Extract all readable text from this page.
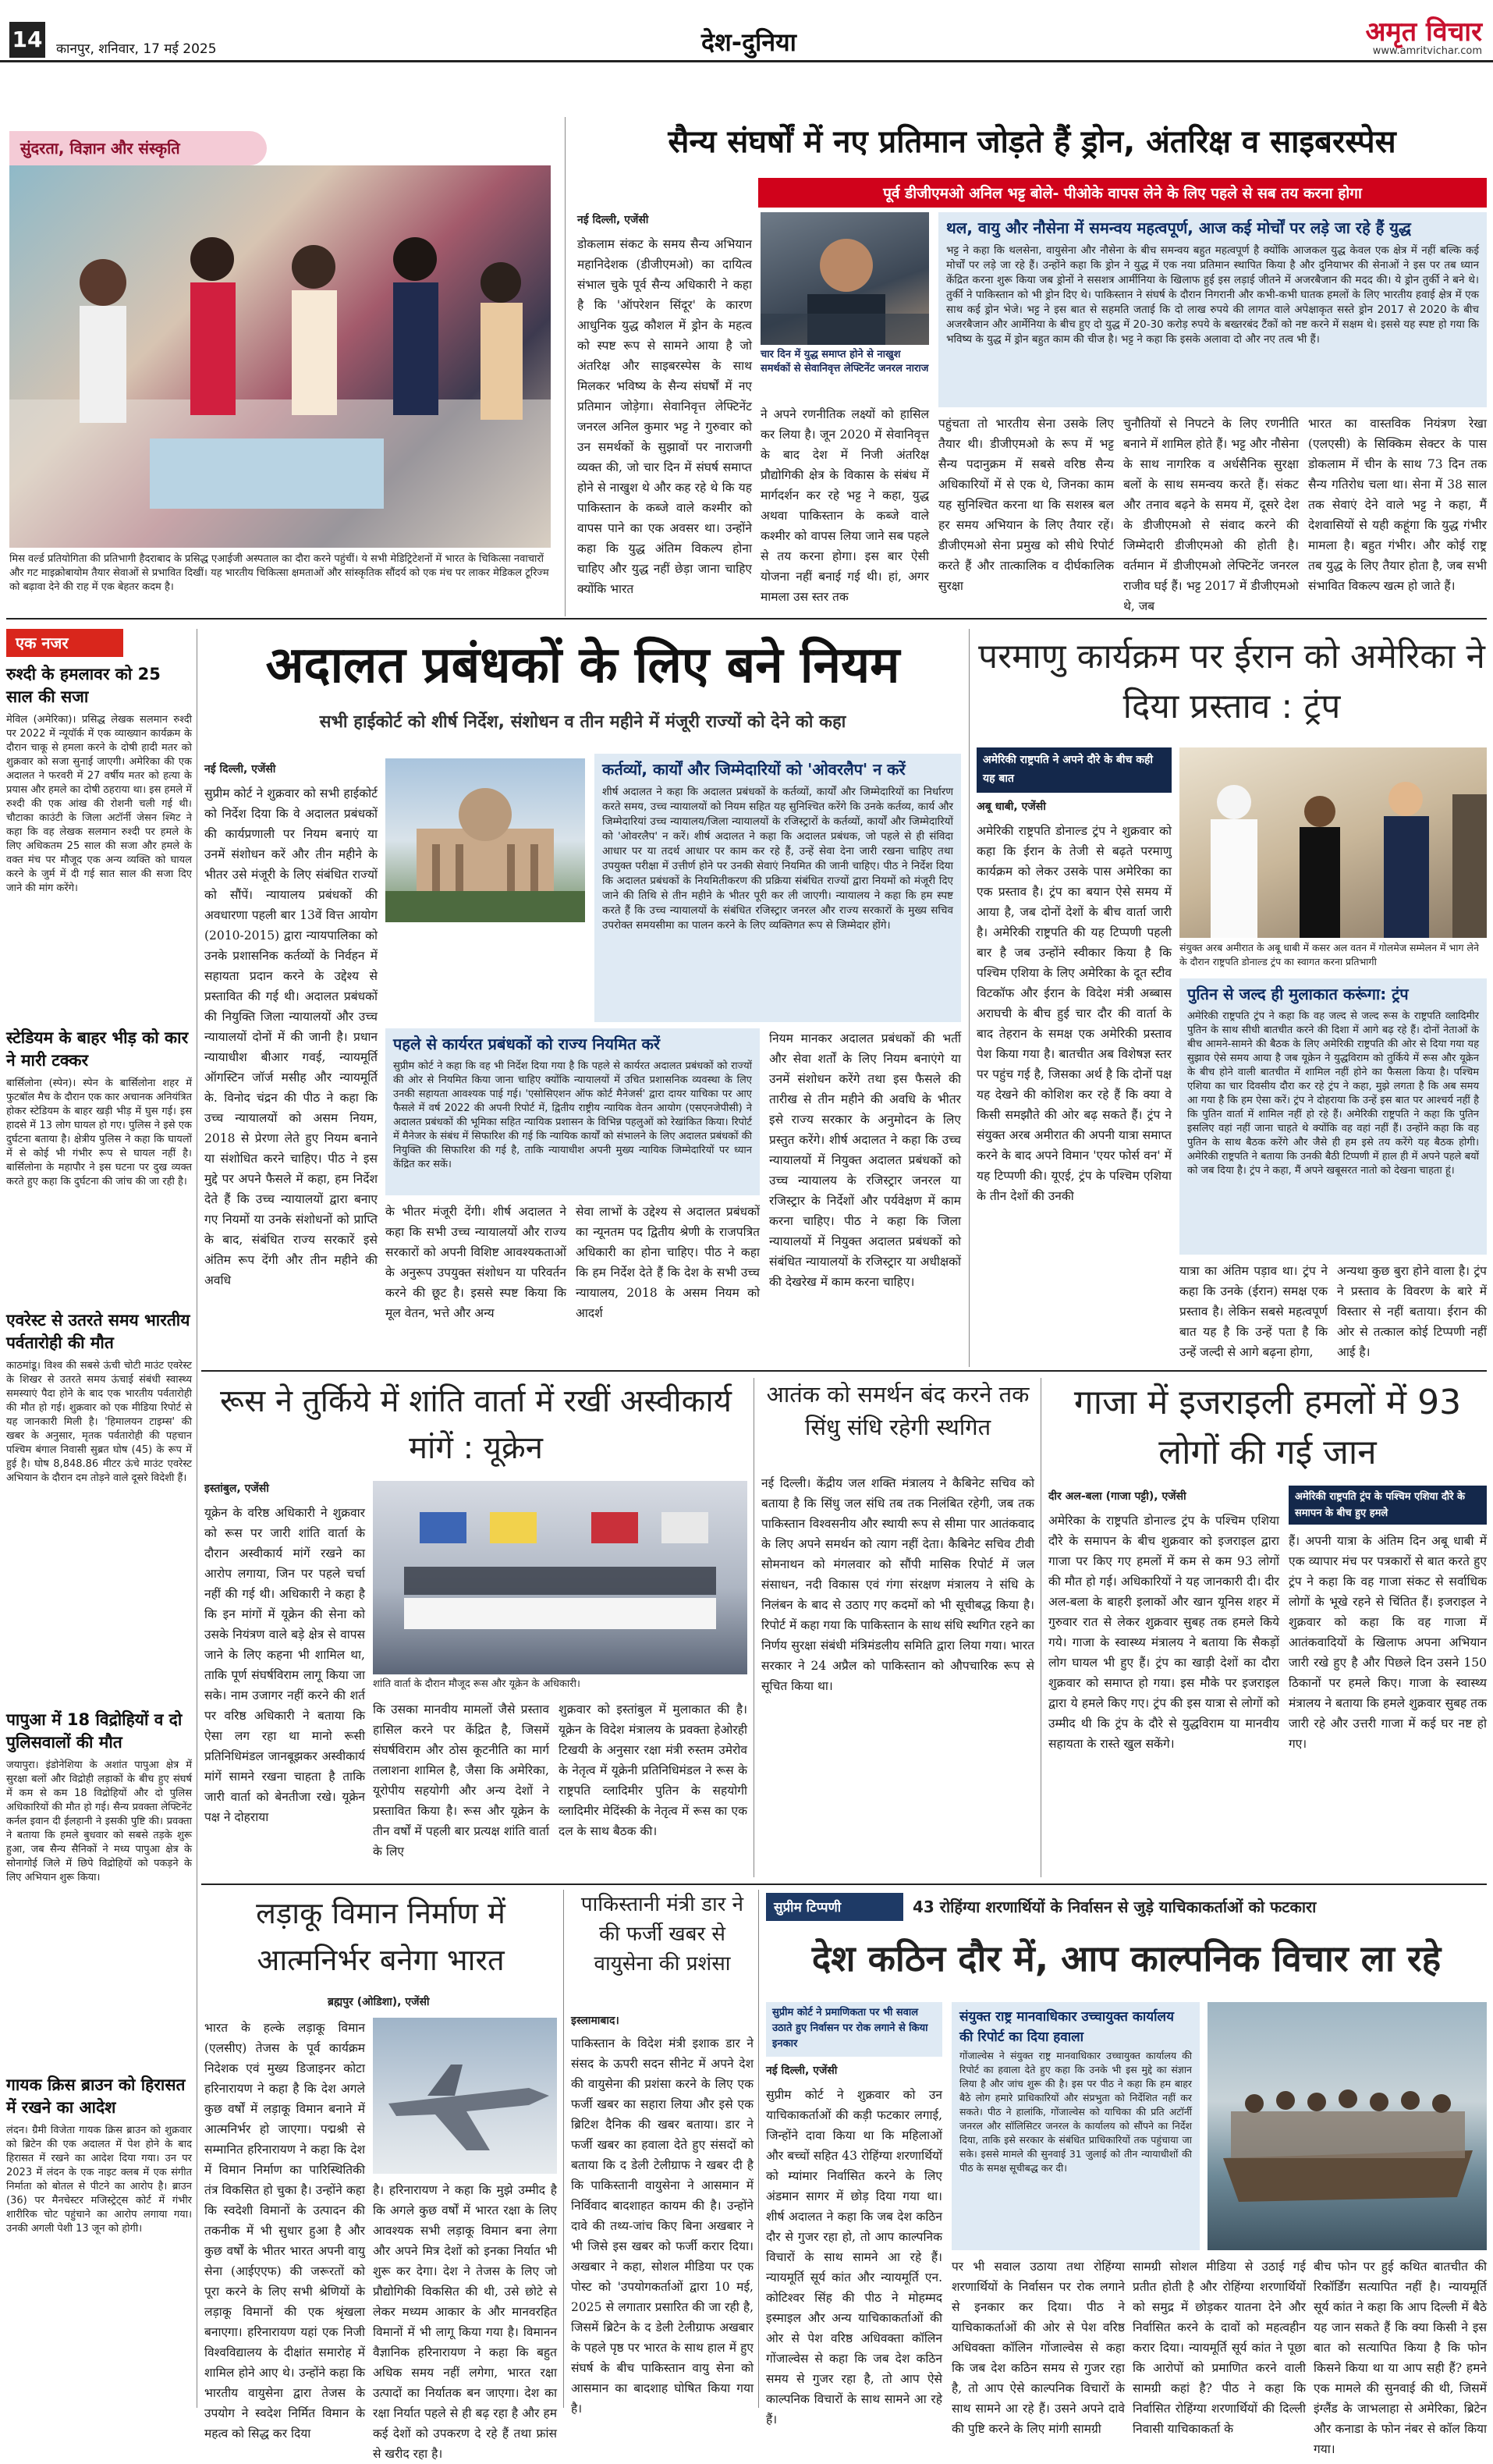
14 कानपुर, शनिवार, 17 मई 2025	देश-दुनिया	अमृत विचार
www.amritvichar.com
सुंदरता, विज्ञान और संस्कृति
मिस वर्ल्ड प्रतियोगिता की प्रतिभागी हैदराबाद के प्रसिद्ध एआईजी अस्पताल का दौरा करने पहुंचीं। ये सभी मेडिट्रिटेशनों में भारत के चिकित्सा नवाचारों और गट माइक्रोबायोम तैयार सेवाओं से प्रभावित दिखीं। यह भारतीय चिकित्सा क्षमताओं और सांस्कृतिक सौंदर्य को एक मंच पर लाकर मेडिकल टूरिज्म को बढ़ावा देने की राह में एक बेहतर कदम है।
सैन्य संघर्षों में नए प्रतिमान जोड़ते हैं ड्रोन, अंतरिक्ष व साइबरस्पेस
पूर्व डीजीएमओ अनिल भट्ट बोले- पीओके वापस लेने के लिए पहले से सब तय करना होगा
नई दिल्ली, एजेंसी
डोकलाम संकट के समय सैन्य अभियान महानिदेशक (डीजीएमओ) का दायित्व संभाल चुके पूर्व सैन्य अधिकारी ने कहा है कि 'ऑपरेशन सिंदूर' के कारण आधुनिक युद्ध कौशल में ड्रोन के महत्व को स्पष्ट रूप से सामने आया है जो अंतरिक्ष और साइबरस्पेस के साथ मिलकर भविष्य के सैन्य संघर्षों में नए प्रतिमान जोड़ेगा। सेवानिवृत्त लेफ्टिनेंट जनरल अनिल कुमार भट्ट ने गुरुवार को उन समर्थकों के सुझावों पर नाराजगी व्यक्त की, जो चार दिन में संघर्ष समाप्त होने से नाखुश थे और कह रहे थे कि यह पाकिस्तान के कब्जे वाले कश्मीर को वापस पाने का एक अवसर था। उन्होंने कहा कि युद्ध अंतिम विकल्प होना चाहिए और युद्ध नहीं छेड़ा जाना चाहिए क्योंकि भारत
चार दिन में युद्ध समाप्त होने से नाखुश समर्थकों से सेवानिवृत्त लेफ्टिनेंट जनरल नाराज
ने अपने रणनीतिक लक्ष्यों को हासिल कर लिया है। जून 2020 में सेवानिवृत्त के बाद देश में निजी अंतरिक्ष प्रौद्योगिकी क्षेत्र के विकास के संबंध में मार्गदर्शन कर रहे भट्ट ने कहा, युद्ध अथवा पाकिस्तान के कब्जे वाले कश्मीर को वापस लिया जाने सब पहले से तय करना होगा। इस बार ऐसी योजना नहीं बनाई गई थी। हां, अगर मामला उस स्तर तक
थल, वायु और नौसेना में समन्वय महत्वपूर्ण, आज कई मोर्चों पर लड़े जा रहे हैं युद्ध
भट्ट ने कहा कि थलसेना, वायुसेना और नौसेना के बीच समन्वय बहुत महत्वपूर्ण है क्योंकि आजकल युद्ध केवल एक क्षेत्र में नहीं बल्कि कई मोर्चों पर लड़े जा रहे हैं। उन्होंने कहा कि ड्रोन ने युद्ध में एक नया प्रतिमान स्थापित किया है और दुनियाभर की सेनाओं ने इस पर तब ध्यान केंद्रित करना शुरू किया जब ड्रोनों ने ससशत्र आर्मीनिया के खिलाफ हुई इस लड़ाई जीतने में अजरबैजान की मदद की। ये ड्रोन तुर्की ने बने थे। तुर्की ने पाकिस्तान को भी ड्रोन दिए थे। पाकिस्तान ने संघर्ष के दौरान निगरानी और कभी-कभी घातक हमलों के लिए भारतीय हवाई क्षेत्र में एक साथ कई ड्रोन भेजे। भट्ट ने इस बात से सहमति जताई कि दो लाख रुपये की लागत वाले अपेक्षाकृत सस्ते ड्रोन 2017 से 2020 के बीच अजरबैजान और आर्मेनिया के बीच हुए दो युद्ध में 20-30 करोड़ रुपये के बख्तरबंद टैंकों को नष्ट करने में सक्षम थे। इससे यह स्पष्ट हो गया कि भविष्य के युद्ध में ड्रोन बहुत काम की चीज है। भट्ट ने कहा कि इसके अलावा दो और नए तत्व भी हैं।
पहुंचता तो भारतीय सेना उसके लिए तैयार थी। डीजीएमओ के रूप में भट्ट सैन्य पदानुक्रम में सबसे वरिष्ठ सैन्य अधिकारियों में से एक थे, जिनका काम यह सुनिश्चित करना था कि सशस्त्र बल हर समय अभियान के लिए तैयार रहें। डीजीएमओ सेना प्रमुख को सीधे रिपोर्ट करते हैं और तात्कालिक व दीर्घकालिक सुरक्षा
चुनौतियों से निपटने के लिए रणनीति बनाने में शामिल होते हैं। भट्ट और नौसेना के साथ नागरिक व अर्धसैनिक सुरक्षा बलों के साथ समन्वय करते हैं। संकट और तनाव बढ़ने के समय में, दूसरे देश के डीजीएमओ से संवाद करने की जिम्मेदारी डीजीएमओ की होती है। वर्तमान में डीजीएमओ लेफ्टिनेंट जनरल राजीव घई हैं। भट्ट 2017 में डीजीएमओ थे, जब
भारत का वास्तविक नियंत्रण रेखा (एलएसी) के सिक्किम सेक्टर के पास डोकलाम में चीन के साथ 73 दिन तक सैन्य गतिरोध चला था। सेना में 38 साल तक सेवाएं देने वाले भट्ट ने कहा, मैं देशवासियों से यही कहूंगा कि युद्ध गंभीर मामला है। बहुत गंभीर। और कोई राष्ट्र तब युद्ध के लिए तैयार होता है, जब सभी संभावित विकल्प खत्म हो जाते हैं।
एक नजर
रुश्दी के हमलावर को 25 साल की सजा
मेविल (अमेरिका)। प्रसिद्ध लेखक सलमान रुश्दी पर 2022 में न्यूयॉर्क में एक व्याख्यान कार्यक्रम के दौरान चाकू से हमला करने के दोषी हादी मतर को शुक्रवार को सजा सुनाई जाएगी। अमेरिका की एक अदालत ने फरवरी में 27 वर्षीय मतर को हत्या के प्रयास और हमले का दोषी ठहराया था। इस हमले में रुश्दी की एक आंख की रोशनी चली गई थी। चौटाका काउंटी के जिला अटॉर्नी जेसन श्मिट ने कहा कि वह लेखक सलमान रुश्दी पर हमले के लिए अधिकतम 25 साल की सजा और हमले के वक्त मंच पर मौजूद एक अन्य व्यक्ति को घायल करने के जुर्म में दी गई सात साल की सजा दिए जाने की मांग करेंगे।
स्टेडियम के बाहर भीड़ को कार ने मारी टक्कर
बार्सिलोना (स्पेन)। स्पेन के बार्सिलोना शहर में फुटबॉल मैच के दौरान एक कार अचानक अनियंत्रित होकर स्टेडियम के बाहर खड़ी भीड़ में घुस गई। इस हादसे में 13 लोग घायल हो गए। पुलिस ने इसे एक दुर्घटना बताया है। क्षेत्रीय पुलिस ने कहा कि घायलों में से कोई भी गंभीर रूप से घायल नहीं है। बार्सिलोना के महापौर ने इस घटना पर दुख व्यक्त करते हुए कहा कि दुर्घटना की जांच की जा रही है।
एवरेस्ट से उतरते समय भारतीय पर्वतारोही की मौत
काठमांडू। विश्व की सबसे ऊंची चोटी माउंट एवरेस्ट के शिखर से उतरते समय ऊंचाई संबंधी स्वास्थ्य समस्याएं पैदा होने के बाद एक भारतीय पर्वतारोही की मौत हो गई। शुक्रवार को एक मीडिया रिपोर्ट से यह जानकारी मिली है। 'हिमालयन टाइम्स' की खबर के अनुसार, मृतक पर्वतारोही की पहचान पश्चिम बंगाल निवासी सुब्रत घोष (45) के रूप में हुई है। घोष 8,848.86 मीटर ऊंचे माउंट एवरेस्ट अभियान के दौरान दम तोड़ने वाले दूसरे विदेशी हैं।
पापुआ में 18 विद्रोहियों व दो पुलिसवालों की मौत
जयापुरा। इंडोनेशिया के अशांत पापुआ क्षेत्र में सुरक्षा बलों और विद्रोही लड़ाकों के बीच हुए संघर्ष में कम से कम 18 विद्रोहियों और दो पुलिस अधिकारियों की मौत हो गई। सैन्य प्रवक्ता लेफ्टिनेंट कर्नल इवान दी ईलहानी ने इसकी पुष्टि की। प्रवक्ता ने बताया कि हमले बुधवार को सबसे तड़के शुरू हुआ, जब सैन्य सैनिकों ने मध्य पापुआ क्षेत्र के सोनागोई जिले में छिपे विद्रोहियों को पकड़ने के लिए अभियान शुरू किया।
गायक क्रिस ब्राउन को हिरासत में रखने का आदेश
लंदन। ग्रैमी विजेता गायक क्रिस ब्राउन को शुक्रवार को ब्रिटेन की एक अदालत में पेश होने के बाद हिरासत में रखने का आदेश दिया गया। उन पर 2023 में लंदन के एक नाइट क्लब में एक संगीत निर्माता को बोतल से पीटने का आरोप है। ब्राउन (36) पर मैनचेस्टर मजिस्ट्रेट्स कोर्ट में गंभीर शारीरिक चोट पहुंचाने का आरोप लगाया गया। उनकी अगली पेशी 13 जून को होगी।
अदालत प्रबंधकों के लिए बने नियम
सभी हाईकोर्ट को शीर्ष निर्देश, संशोधन व तीन महीने में मंजूरी राज्यों को देने को कहा
नई दिल्ली, एजेंसी
सुप्रीम कोर्ट ने शुक्रवार को सभी हाईकोर्ट को निर्देश दिया कि वे अदालत प्रबंधकों की कार्यप्रणाली पर नियम बनाएं या उनमें संशोधन करें और तीन महीने के भीतर उसे मंजूरी के लिए संबंधित राज्यों को सौंपें। न्यायालय प्रबंधकों की अवधारणा पहली बार 13वें वित्त आयोग (2010-2015) द्वारा न्यायपालिका को उनके प्रशासनिक कर्तव्यों के निर्वहन में सहायता प्रदान करने के उद्देश्य से प्रस्तावित की गई थी। अदालत प्रबंधकों की नियुक्ति जिला न्यायालयों और उच्च न्यायालयों दोनों में की जानी है। प्रधान न्यायाधीश बीआर गवई, न्यायमूर्ति ऑगस्टिन जॉर्ज मसीह और न्यायमूर्ति के. विनोद चंद्रन की पीठ ने कहा कि उच्च न्यायालयों को असम नियम, 2018 से प्रेरणा लेते हुए नियम बनाने या संशोधित करने चाहिए। पीठ ने इस मुद्दे पर अपने फैसले में कहा, हम निर्देश देते हैं कि उच्च न्यायालयों द्वारा बनाए गए नियमों या उनके संशोधनों को प्राप्ति के बाद, संबंधित राज्य सरकारें इसे अंतिम रूप देंगी और तीन महीने की अवधि
कर्तव्यों, कार्यों और जिम्मेदारियों को 'ओवरलैप' न करें
शीर्ष अदालत ने कहा कि अदालत प्रबंधकों के कर्तव्यों, कार्यों और जिम्मेदारियों का निर्धारण करते समय, उच्च न्यायालयों को नियम सहित यह सुनिश्चित करेंगे कि उनके कर्तव्य, कार्य और जिम्मेदारियां उच्च न्यायालय/जिला न्यायालयों के रजिस्ट्रारों के कर्तव्यों, कार्यों और जिम्मेदारियों को 'ओवरलैप' न करें। शीर्ष अदालत ने कहा कि अदालत प्रबंधक, जो पहले से ही संविदा आधार पर या तदर्थ आधार पर काम कर रहे हैं, उन्हें सेवा देना जारी रखना चाहिए तथा उपयुक्त परीक्षा में उत्तीर्ण होने पर उनकी सेवाएं नियमित की जानी चाहिए। पीठ ने निर्देश दिया कि अदालत प्रबंधकों के नियमितीकरण की प्रक्रिया संबंधित राज्यों द्वारा नियमों को मंजूरी दिए जाने की तिथि से तीन महीने के भीतर पूरी कर ली जाएगी। न्यायालय ने कहा कि हम स्पष्ट करते हैं कि उच्च न्यायालयों के संबंधित रजिस्ट्रार जनरल और राज्य सरकारों के मुख्य सचिव उपरोक्त समयसीमा का पालन करने के लिए व्यक्तिगत रूप से जिम्मेदार होंगे।
पहले से कार्यरत प्रबंधकों को राज्य नियमित करें
सुप्रीम कोर्ट ने कहा कि वह भी निर्देश दिया गया है कि पहले से कार्यरत अदालत प्रबंधकों को राज्यों की ओर से नियमित किया जाना चाहिए क्योंकि न्यायालयों में उचित प्रशासनिक व्यवस्था के लिए उनकी सहायता आवश्यक पाई गई। 'एसोसिएशन ऑफ कोर्ट मैनेजर्स' द्वारा दायर याचिका पर आए फैसले में वर्ष 2022 की अपनी रिपोर्ट में, द्वितीय राष्ट्रीय न्यायिक वेतन आयोग (एसएनजेपीसी) ने अदालत प्रबंधकों की भूमिका सहित न्यायिक प्रशासन के विभिन्न पहलुओं को रेखांकित किया। रिपोर्ट में मैनेजर के संबंध में सिफारिश की गई कि न्यायिक कार्यों को संभालने के लिए अदालत प्रबंधकों की नियुक्ति की सिफारिश की गई है, ताकि न्यायाधीश अपनी मुख्य न्यायिक जिम्मेदारियों पर ध्यान केंद्रित कर सकें।
के भीतर मंजूरी देंगी। शीर्ष अदालत ने कहा कि सभी उच्च न्यायालयों और राज्य सरकारों को अपनी विशिष्ट आवश्यकताओं के अनुरूप उपयुक्त संशोधन या परिवर्तन करने की छूट है। इससे स्पष्ट किया कि मूल वेतन, भत्ते और अन्य
सेवा लाभों के उद्देश्य से अदालत प्रबंधकों का न्यूनतम पद द्वितीय श्रेणी के राजपत्रित अधिकारी का होना चाहिए। पीठ ने कहा कि हम निर्देश देते हैं कि देश के सभी उच्च न्यायालय, 2018 के असम नियम को आदर्श
नियम मानकर अदालत प्रबंधकों की भर्ती और सेवा शर्तों के लिए नियम बनाएंगे या उनमें संशोधन करेंगे तथा इस फैसले की तारीख से तीन महीने की अवधि के भीतर इसे राज्य सरकार के अनुमोदन के लिए प्रस्तुत करेंगे। शीर्ष अदालत ने कहा कि उच्च न्यायालयों में नियुक्त अदालत प्रबंधकों को उच्च न्यायालय के रजिस्ट्रार जनरल या रजिस्ट्रार के निर्देशों और पर्यवेक्षण में काम करना चाहिए। पीठ ने कहा कि जिला न्यायालयों में नियुक्त अदालत प्रबंधकों को संबंधित न्यायालयों के रजिस्ट्रार या अधीक्षकों की देखरेख में काम करना चाहिए।
परमाणु कार्यक्रम पर ईरान को अमेरिका ने दिया प्रस्ताव : ट्रंप
अमेरिकी राष्ट्रपति ने अपने दौरे के बीच कही यह बात
अबू धाबी, एजेंसी
संयुक्त अरब अमीरात के अबू धाबी में कसर अल वतन में गोलमेज सम्मेलन में भाग लेने के दौरान राष्ट्रपति डोनाल्ड ट्रंप का स्वागत करना प्रतिभागी
अमेरिकी राष्ट्रपति डोनाल्ड ट्रंप ने शुक्रवार को कहा कि ईरान के तेजी से बढ़ते परमाणु कार्यक्रम को लेकर उसके पास अमेरिका का एक प्रस्ताव है। ट्रंप का बयान ऐसे समय में आया है, जब दोनों देशों के बीच वार्ता जारी है। अमेरिकी राष्ट्रपति की यह टिप्पणी पहली बार है जब उन्होंने स्वीकार किया है कि पश्चिम एशिया के लिए अमेरिका के दूत स्टीव विटकॉफ और ईरान के विदेश मंत्री अब्बास अराघची के बीच हुई चार दौर की वार्ता के बाद तेहरान के समक्ष एक अमेरिकी प्रस्ताव पेश किया गया है। बातचीत अब विशेषज्ञ स्तर पर पहुंच गई है, जिसका अर्थ है कि दोनों पक्ष यह देखने की कोशिश कर रहे हैं कि क्या वे किसी समझौते की ओर बढ़ सकते हैं। ट्रंप ने संयुक्त अरब अमीरात की अपनी यात्रा समाप्त करने के बाद अपने विमान 'एयर फोर्स वन' में यह टिप्पणी की। यूएई, ट्रंप के पश्चिम एशिया के तीन देशों की उनकी
पुतिन से जल्द ही मुलाकात करूंगा: ट्रंप
अमेरिकी राष्ट्रपति ट्रंप ने कहा कि वह जल्द से जल्द रूस के राष्ट्रपति व्लादिमीर पुतिन के साथ सीधी बातचीत करने की दिशा में आगे बढ़ रहे हैं। दोनों नेताओं के बीच आमने-सामने की बैठक के लिए अमेरिकी राष्ट्रपति की ओर से दिया गया यह सुझाव ऐसे समय आया है जब यूक्रेन ने युद्धविराम को तुर्किये में रूस और यूक्रेन के बीच होने वाली बातचीत में शामिल नहीं होने का फैसला किया है। पश्चिम एशिया का चार दिवसीय दौरा कर रहे ट्रंप ने कहा, मुझे लगता है कि अब समय आ गया है कि हम ऐसा करें। ट्रंप ने दोहराया कि उन्हें इस बात पर आश्चर्य नहीं है कि पुतिन वार्ता में शामिल नहीं हो रहे हैं। अमेरिकी राष्ट्रपति ने कहा कि पुतिन इसलिए वहां नहीं जाना चाहते थे क्योंकि वह वहां नहीं हैं। उन्होंने कहा कि वह पुतिन के साथ बैठक करेंगे और जैसे ही हम इसे तय करेंगे यह बैठक होगी। अमेरिकी राष्ट्रपति ने बताया कि उनकी बैठी टिप्पणी में हाल ही में अपने पहले बयों को जब दिया है। ट्रंप ने कहा, मैं अपने खबूसरत नातो को देखना चाहता हूं।
यात्रा का अंतिम पड़ाव था। ट्रंप ने कहा कि उनके (ईरान) समक्ष एक प्रस्ताव है। लेकिन सबसे महत्वपूर्ण बात यह है कि उन्हें पता है कि उन्हें जल्दी से आगे बढ़ना होगा,
अन्यथा कुछ बुरा होने वाला है। ट्रंप ने प्रस्ताव के विवरण के बारे में विस्तार से नहीं बताया। ईरान की ओर से तत्काल कोई टिप्पणी नहीं आई है।
रूस ने तुर्किये में शांति वार्ता में रखीं अस्वीकार्य मांगें : यूक्रेन
इस्तांबुल, एजेंसी
यूक्रेन के वरिष्ठ अधिकारी ने शुक्रवार को रूस पर जारी शांति वार्ता के दौरान अस्वीकार्य मांगें रखने का आरोप लगाया, जिन पर पहले चर्चा नहीं की गई थी। अधिकारी ने कहा है कि इन मांगों में यूक्रेन की सेना को उसके नियंत्रण वाले बड़े क्षेत्र से वापस जाने के लिए कहना भी शामिल था, ताकि पूर्ण संघर्षविराम लागू किया जा सके। नाम उजागर नहीं करने की शर्त पर वरिष्ठ अधिकारी ने बताया कि ऐसा लग रहा था मानो रूसी प्रतिनिधिमंडल जानबूझकर अस्वीकार्य मांगें सामने रखना चाहता है ताकि जारी वार्ता को बेनतीजा रखे। यूक्रेन पक्ष ने दोहराया
शांति वार्ता के दौरान मौजूद रूस और यूक्रेन के अधिकारी।
कि उसका मानवीय मामलों जैसे प्रस्ताव हासिल करने पर केंद्रित है, जिसमें संघर्षविराम और ठोस कूटनीति का मार्ग तलाशना शामिल है, जैसा कि अमेरिका, यूरोपीय सहयोगी और अन्य देशों ने प्रस्तावित किया है। रूस और यूक्रेन के तीन वर्षों में पहली बार प्रत्यक्ष शांति वार्ता के लिए
शुक्रवार को इस्तांबुल में मुलाकात की है। यूक्रेन के विदेश मंत्रालय के प्रवक्ता हेओरही टिखयी के अनुसार रक्षा मंत्री रुस्तम उमेरोव के नेतृत्व में यूक्रेनी प्रतिनिधिमंडल ने रूस के राष्ट्रपति व्लादिमीर पुतिन के सहयोगी व्लादिमीर मेदिंस्की के नेतृत्व में रूस का एक दल के साथ बैठक की।
आतंक को समर्थन बंद करने तक सिंधु संधि रहेगी स्थगित
नई दिल्ली। केंद्रीय जल शक्ति मंत्रालय ने कैबिनेट सचिव को बताया है कि सिंधु जल संधि तब तक निलंबित रहेगी, जब तक पाकिस्तान विश्वसनीय और स्थायी रूप से सीमा पार आतंकवाद के लिए अपने समर्थन को त्याग नहीं देता। कैबिनेट सचिव टीवी सोमनाथन को मंगलवार को सौंपी मासिक रिपोर्ट में जल संसाधन, नदी विकास एवं गंगा संरक्षण मंत्रालय ने संधि के निलंबन के बाद से उठाए गए कदमों को भी सूचीबद्ध किया है। रिपोर्ट में कहा गया कि पाकिस्तान के साथ संधि स्थगित रहने का निर्णय सुरक्षा संबंधी मंत्रिमंडलीय समिति द्वारा लिया गया। भारत सरकार ने 24 अप्रैल को पाकिस्तान को औपचारिक रूप से सूचित किया था।
गाजा में इजराइली हमलों में 93 लोगों की गई जान
दीर अल-बला (गाजा पट्टी), एजेंसी	अमेरिकी राष्ट्रपति ट्रंप के पश्चिम एशिया दौरे के समापन के बीच हुए हमले
अमेरिका के राष्ट्रपति डोनाल्ड ट्रंप के पश्चिम एशिया दौरे के समापन के बीच शुक्रवार को इजराइल द्वारा गाजा पर किए गए हमलों में कम से कम 93 लोगों की मौत हो गई। अधिकारियों ने यह जानकारी दी। दीर अल-बला के बाहरी इलाकों और खान यूनिस शहर में गुरुवार रात से लेकर शुक्रवार सुबह तक हमले किये गये। गाजा के स्वास्थ्य मंत्रालय ने बताया कि सैकड़ों लोग घायल भी हुए हैं। ट्रंप का खाड़ी देशों का दौरा शुक्रवार को समाप्त हो गया। इस मौके पर इजराइल द्वारा ये हमले किए गए। ट्रंप की इस यात्रा से लोगों को उम्मीद थी कि ट्रंप के दौरे से युद्धविराम या मानवीय सहायता के रास्ते खुल सकेंगे।
हैं। अपनी यात्रा के अंतिम दिन अबू धाबी में एक व्यापार मंच पर पत्रकारों से बात करते हुए ट्रंप ने कहा कि वह गाजा संकट से सर्वाधिक लोगों के भूखे रहने से चिंतित हैं। इजराइल ने शुक्रवार को कहा कि वह गाजा में आतंकवादियों के खिलाफ अपना अभियान जारी रखे हुए है और पिछले दिन उसने 150 ठिकानों पर हमले किए। गाजा के स्वास्थ्य मंत्रालय ने बताया कि हमले शुक्रवार सुबह तक जारी रहे और उत्तरी गाजा में कई घर नष्ट हो गए।
लड़ाकू विमान निर्माण में आत्मनिर्भर बनेगा भारत
ब्रह्मपुर (ओडिशा), एजेंसी
भारत के हल्के लड़ाकू विमान (एलसीए) तेजस के पूर्व कार्यक्रम निदेशक एवं मुख्य डिजाइनर कोटा हरिनारायण ने कहा है कि देश अगले कुछ वर्षों में लड़ाकू विमान बनाने में आत्मनिर्भर हो जाएगा। पद्मश्री से सम्मानित हरिनारायण ने कहा कि देश में विमान निर्माण का पारिस्थितिकी तंत्र विकसित हो चुका है। उन्होंने कहा कि स्वदेशी विमानों के उत्पादन की तकनीक में भी सुधार हुआ है और कुछ वर्षों के भीतर भारत अपनी वायु सेना (आईएएफ) की जरूरतों को पूरा करने के लिए सभी श्रेणियों के लड़ाकू विमानों की एक श्रृंखला बनाएगा। हरिनारायण यहां एक निजी विश्वविद्यालय के दीक्षांत समारोह में शामिल होने आए थे। उन्होंने कहा कि भारतीय वायुसेना द्वारा तेजस के उपयोग ने स्वदेश निर्मित विमान के महत्व को सिद्ध कर दिया
है। हरिनारायण ने कहा कि मुझे उम्मीद है कि अगले कुछ वर्षों में भारत रक्षा के लिए आवश्यक सभी लड़ाकू विमान बना लेगा और अपने मित्र देशों को इनका निर्यात भी शुरू कर देगा। देश ने तेजस के लिए जो प्रौद्योगिकी विकसित की थी, उसे छोटे से लेकर मध्यम आकार के और मानवरहित विमानों में भी लागू किया गया है। विमानन वैज्ञानिक हरिनारायण ने कहा कि बहुत अधिक समय नहीं लगेगा, भारत रक्षा उत्पादों का निर्यातक बन जाएगा। देश का रक्षा निर्यात पहले से ही बढ़ रहा है और हम कई देशों को उपकरण दे रहे हैं तथा फ्रांस से खरीद रहा है।
पाकिस्तानी मंत्री डार ने की फर्जी खबर से वायुसेना की प्रशंसा
इस्लामाबाद।
पाकिस्तान के विदेश मंत्री इशाक डार ने संसद के ऊपरी सदन सीनेट में अपने देश की वायुसेना की प्रशंसा करने के लिए एक फर्जी खबर का सहारा लिया और इसे एक ब्रिटिश दैनिक की खबर बताया। डार ने फर्जी खबर का हवाला देते हुए संसदों को बताया कि द डेली टेलीग्राफ ने खबर दी है कि पाकिस्तानी वायुसेना ने आसमान में निर्विवाद बादशाहत कायम की है। उन्होंने दावे की तथ्य-जांच किए बिना अखबार ने भी जिसे इस खबर को फर्जी करार दिया। अखबार ने कहा, सोशल मीडिया पर एक पोस्ट को 'उपयोगकर्ताओं द्वारा 10 मई, 2025 से लगातार प्रसारित की जा रही है, जिसमें ब्रिटेन के द डेली टेलीग्राफ अखबार के पहले पृष्ठ पर भारत के साथ हाल में हुए संघर्ष के बीच पाकिस्तान वायु सेना को आसमान का बादशाह घोषित किया गया है।
सुप्रीम टिप्पणी	43 रोहिंग्या शरणार्थियों के निर्वासन से जुड़े याचिकाकर्ताओं को फटकारा
देश कठिन दौर में, आप काल्पनिक विचार ला रहे
सुप्रीम कोर्ट ने प्रमाणिकता पर भी सवाल उठाते हुए निर्वासन पर रोक लगाने से किया इनकार
नई दिल्ली, एजेंसी
सुप्रीम कोर्ट ने शुक्रवार को उन याचिकाकर्ताओं की कड़ी फटकार लगाई, जिन्होंने दावा किया था कि महिलाओं और बच्चों सहित 43 रोहिंग्या शरणार्थियों को म्यांमार निर्वासित करने के लिए अंडमान सागर में छोड़ दिया गया था। शीर्ष अदालत ने कहा कि जब देश कठिन दौर से गुजर रहा हो, तो आप काल्पनिक विचारों के साथ सामने आ रहे हैं। न्यायमूर्ति सूर्य कांत और न्यायमूर्ति एन. कोटिश्वर सिंह की पीठ ने मोहम्मद इस्माइल और अन्य याचिकाकर्ताओं की ओर से पेश वरिष्ठ अधिवक्ता कॉलिन गोंजाल्वेस से कहा कि जब देश कठिन समय से गुजर रहा है, तो आप ऐसे काल्पनिक विचारों के साथ सामने आ रहे हैं।
संयुक्त राष्ट्र मानवाधिकार उच्चायुक्त कार्यालय की रिपोर्ट का दिया हवाला
गोंजाल्वेस ने संयुक्त राष्ट्र मानवाधिकार उच्चायुक्त कार्यालय की रिपोर्ट का हवाला देते हुए कहा कि उनके भी इस मुद्दे का संज्ञान लिया है और जांच शुरू की है। इस पर पीठ ने कहा कि हम बाहर बैठे लोग हमारे प्राधिकारियों और संप्रभुता को निर्देशित नहीं कर सकते। पीठ ने हालांकि, गोंजाल्वेस को याचिका की प्रति अटॉर्नी जनरल और सॉलिसिटर जनरल के कार्यालय को सौंपने का निर्देश दिया, ताकि इसे सरकार के संबंधित प्राधिकारियों तक पहुंचाया जा सके। इससे मामले की सुनवाई 31 जुलाई को तीन न्यायाधीशों की पीठ के समक्ष सूचीबद्ध कर दी।
पर भी सवाल उठाया तथा रोहिंग्या शरणार्थियों के निर्वासन पर रोक लगाने से इनकार कर दिया। पीठ ने याचिकाकर्ताओं की ओर से पेश वरिष्ठ अधिवक्ता कॉलिन गोंजाल्वेस से कहा कि जब देश कठिन समय से गुजर रहा है, तो आप ऐसे काल्पनिक विचारों के साथ सामने आ रहे हैं। उसने अपने दावे की पुष्टि करने के लिए मांगी सामग्री
सामग्री सोशल मीडिया से उठाई गई प्रतीत होती है और रोहिंग्या शरणार्थियों को समुद्र में छोड़कर यातना देने और निर्वासित करने के दावों को महत्वहीन करार दिया। न्यायमूर्ति सूर्य कांत ने पूछा कि आरोपों को प्रमाणित करने वाली सामग्री कहां है? पीठ ने कहा कि निर्वासित रोहिंग्या शरणार्थियों की दिल्ली निवासी याचिकाकर्ता के
बीच फोन पर हुई कथित बातचीत की रिकॉर्डिंग सत्यापित नहीं है। न्यायमूर्ति सूर्य कांत ने कहा कि आप दिल्ली में बैठे यह जान सकते हैं कि क्या किसी ने इस बात को सत्यापित किया है कि फोन किसने किया था या आप सही हैं? हमने एक मामले की सुनवाई की थी, जिसमें इंग्लैंड के जाभलाहा से अमेरिका, ब्रिटेन और कनाडा के फोन नंबर से कॉल किया गया।
